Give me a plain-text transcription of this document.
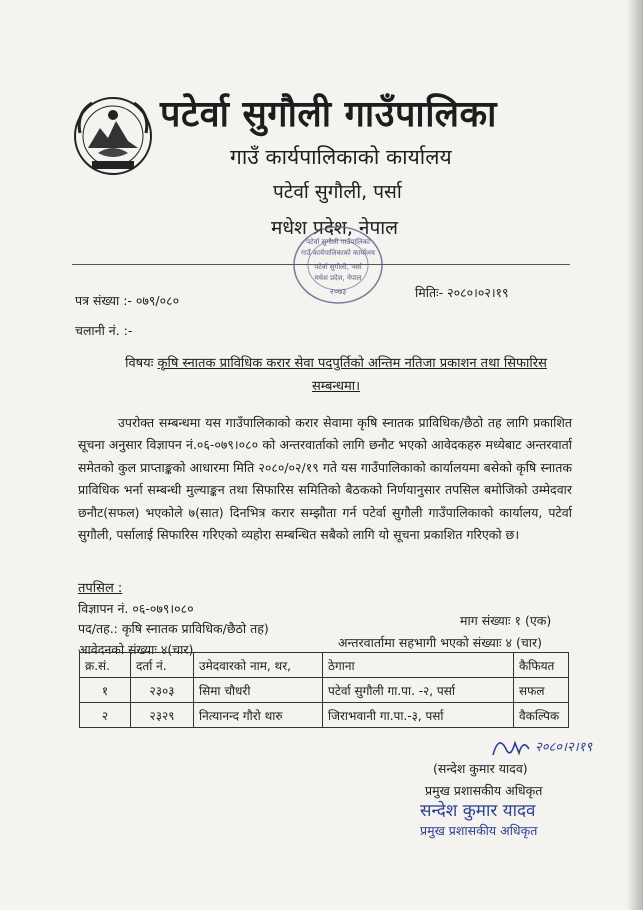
पटेर्वा सुगौली गाउँपालिका
गाउँ कार्यपालिकाको कार्यालय
पटेर्वा सुगौली, पर्सा
मधेश प्रदेश, नेपाल
पटेर्वा सुगौली गाउँपालिका
गाउँ कार्यपालिकाको कार्यालय
पटेर्वा सुगौली, पर्सा
मधेश प्रदेश, नेपाल
२०७३
पत्र संख्या :- ०७९/०८०
मितिः- २०८०।०२।१९
चलानी नं. :-
विषयः कृषि स्नातक प्राविधिक करार सेवा पदपुर्तिको अन्तिम नतिजा प्रकाशन तथा सिफारिस
सम्बन्धमा।
उपरोक्त सम्बन्धमा यस गाउँपालिकाको करार सेवामा कृषि स्नातक प्राविधिक/छैठो तह लागि प्रकाशित सूचना अनुसार विज्ञापन नं.०६-०७९।०८० को अन्तरवार्ताको लागि छनौट भएको आवेदकहरु मध्येबाट अन्तरवार्ता समेतको कुल प्राप्ताङ्कको आधारमा मिति २०८०/०२/१९ गते यस गाउँपालिकाको कार्यालयमा बसेको कृषि स्नातक प्राविधिक भर्ना सम्बन्धी मुल्याङ्कन तथा सिफारिस समितिको बैठकको निर्णयानुसार तपसिल बमोजिको उम्मेदवार छनौट(सफल) भएकोले ७(सात) दिनभित्र करार सम्झौता गर्न पटेर्वा सुगौली गाउँपालिकाको कार्यालय, पटेर्वा सुगौली, पर्सालाई सिफारिस गरिएको व्यहोरा सम्बन्धित सबैको लागि यो सूचना प्रकाशित गरिएको छ।
तपसिल :
विज्ञापन नं. ०६-०७९।०८०
पद/तह.: कृषि स्नातक प्राविधिक/छैठो तह)
माग संख्याः १ (एक)
आवेदनको संख्याः ४(चार)	अन्तरवार्तामा सहभागी भएको संख्याः ४ (चार)
क्र.सं.	दर्ता नं.	उमेदवारको नाम, थर,	ठेगाना	कैफियत
१	२३०३	सिमा चौधरी	पटेर्वा सुगौली गा.पा. -२, पर्सा	सफल
२	२३२९	नित्यानन्द गौरो थारु	जिराभवानी गा.पा.-३, पर्सा	वैकल्पिक
२०८०।२।१९
(सन्देश कुमार यादव)
प्रमुख प्रशासकीय अधिकृत
सन्देश कुमार यादव
प्रमुख प्रशासकीय अधिकृत
